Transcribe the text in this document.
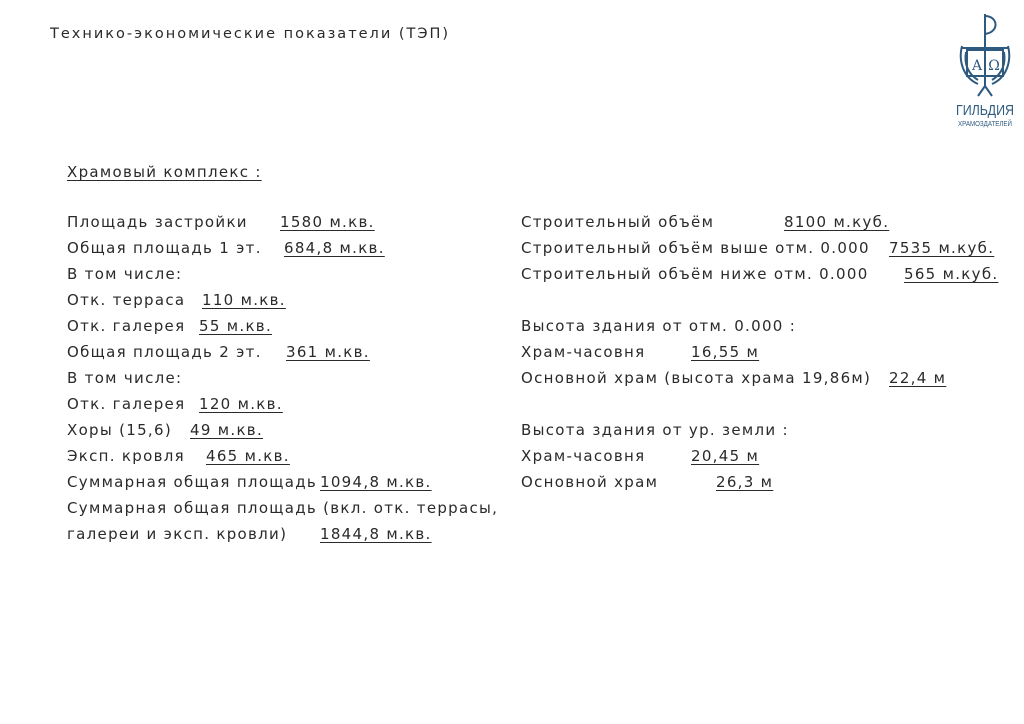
Технико-экономические показатели (ТЭП)
А Ω
ГИЛЬДИЯ
ХРАМОЗДАТЕЛЕЙ
Храмовый комплекс :
Площадь застройки 1580 м.кв.
Общая площадь 1 эт. 684,8 м.кв.
В том числе:
Отк. терраса 110 м.кв.
Отк. галерея 55 м.кв.
Общая площадь 2 эт. 361 м.кв.
В том числе:
Отк. галерея 120 м.кв.
Хоры (15,6) 49 м.кв.
Эксп. кровля 465 м.кв.
Суммарная общая площадь 1094,8 м.кв.
Суммарная общая площадь (вкл. отк. террасы,
галереи и эксп. кровли) 1844,8 м.кв.
Строительный объём	8100 м.куб.
Строительный объём выше отм. 0.000 7535 м.куб.
Строительный объём ниже отм. 0.000 565 м.куб.
Высота здания от отм. 0.000 :
Храм-часовня	16,55 м
Основной храм (высота храма 19,86м) 22,4 м
Высота здания от ур. земли :
Храм-часовня	20,45 м
Основной храм	26,3 м
